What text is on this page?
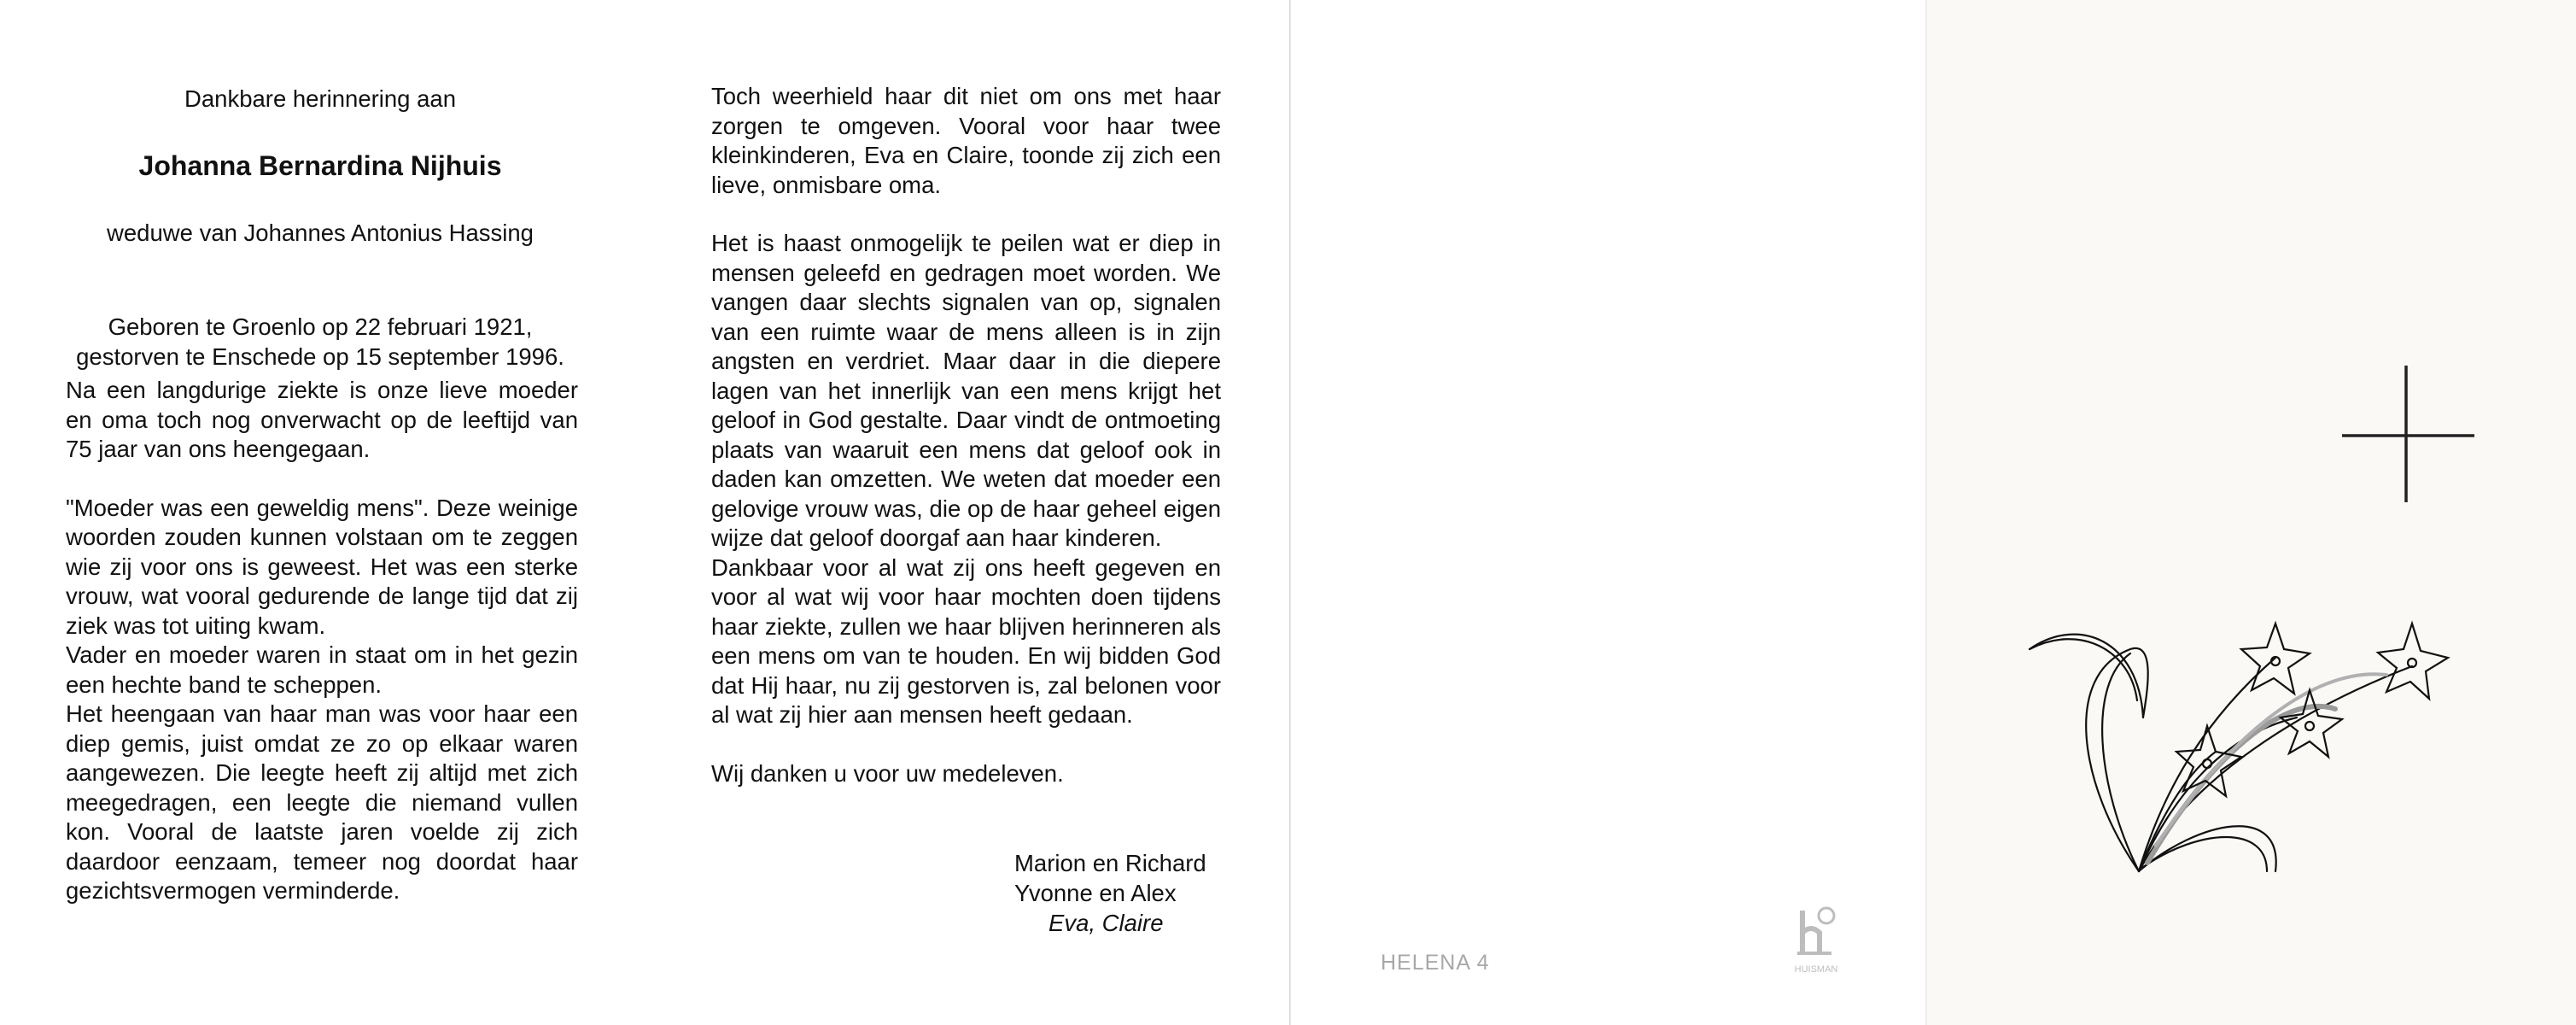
Dankbare herinnering aan
Johanna Bernardina Nijhuis
weduwe van Johannes Antonius Hassing
Geboren te Groenlo op 22 februari 1921,
gestorven te Enschede op 15 september 1996.

Na een langdurige ziekte is onze lieve moeder en oma toch nog onverwacht op de leeftijd van 75 jaar van ons heengegaan.

"Moeder was een geweldig mens". Deze weinige woorden zouden kunnen volstaan om te zeggen wie zij voor ons is geweest. Het was een sterke vrouw, wat vooral gedurende de lange tijd dat zij ziek was tot uiting kwam.

Vader en moeder waren in staat om in het gezin een hechte band te scheppen.

Het heengaan van haar man was voor haar een diep gemis, juist omdat ze zo op elkaar waren aangewezen. Die leegte heeft zij altijd met zich meegedragen, een leegte die niemand vullen kon. Vooral de laatste jaren voelde zij zich daardoor eenzaam, temeer nog doordat haar gezichtsvermogen verminderde.

Toch weerhield haar dit niet om ons met haar zorgen te omgeven. Vooral voor haar twee kleinkinderen, Eva en Claire, toonde zij zich een lieve, onmisbare oma.

Het is haast onmogelijk te peilen wat er diep in mensen geleefd en gedragen moet worden. We vangen daar slechts signalen van op, signalen van een ruimte waar de mens alleen is in zijn angsten en verdriet. Maar daar in die diepere lagen van het innerlijk van een mens krijgt het geloof in God gestalte. Daar vindt de ontmoeting plaats van waaruit een mens dat geloof ook in daden kan omzetten. We weten dat moeder een gelovige vrouw was, die op de haar geheel eigen wijze dat geloof doorgaf aan haar kinderen.

Dankbaar voor al wat zij ons heeft gegeven en voor al wat wij voor haar mochten doen tijdens haar ziekte, zullen we haar blijven herinneren als een mens om van te houden. En wij bidden God dat Hij haar, nu zij gestorven is, zal belonen voor al wat zij hier aan mensen heeft gedaan.

Wij danken u voor uw medeleven.

Marion en Richard
Yvonne en Alex
Eva, Claire
HELENA 4	HUISMAN
